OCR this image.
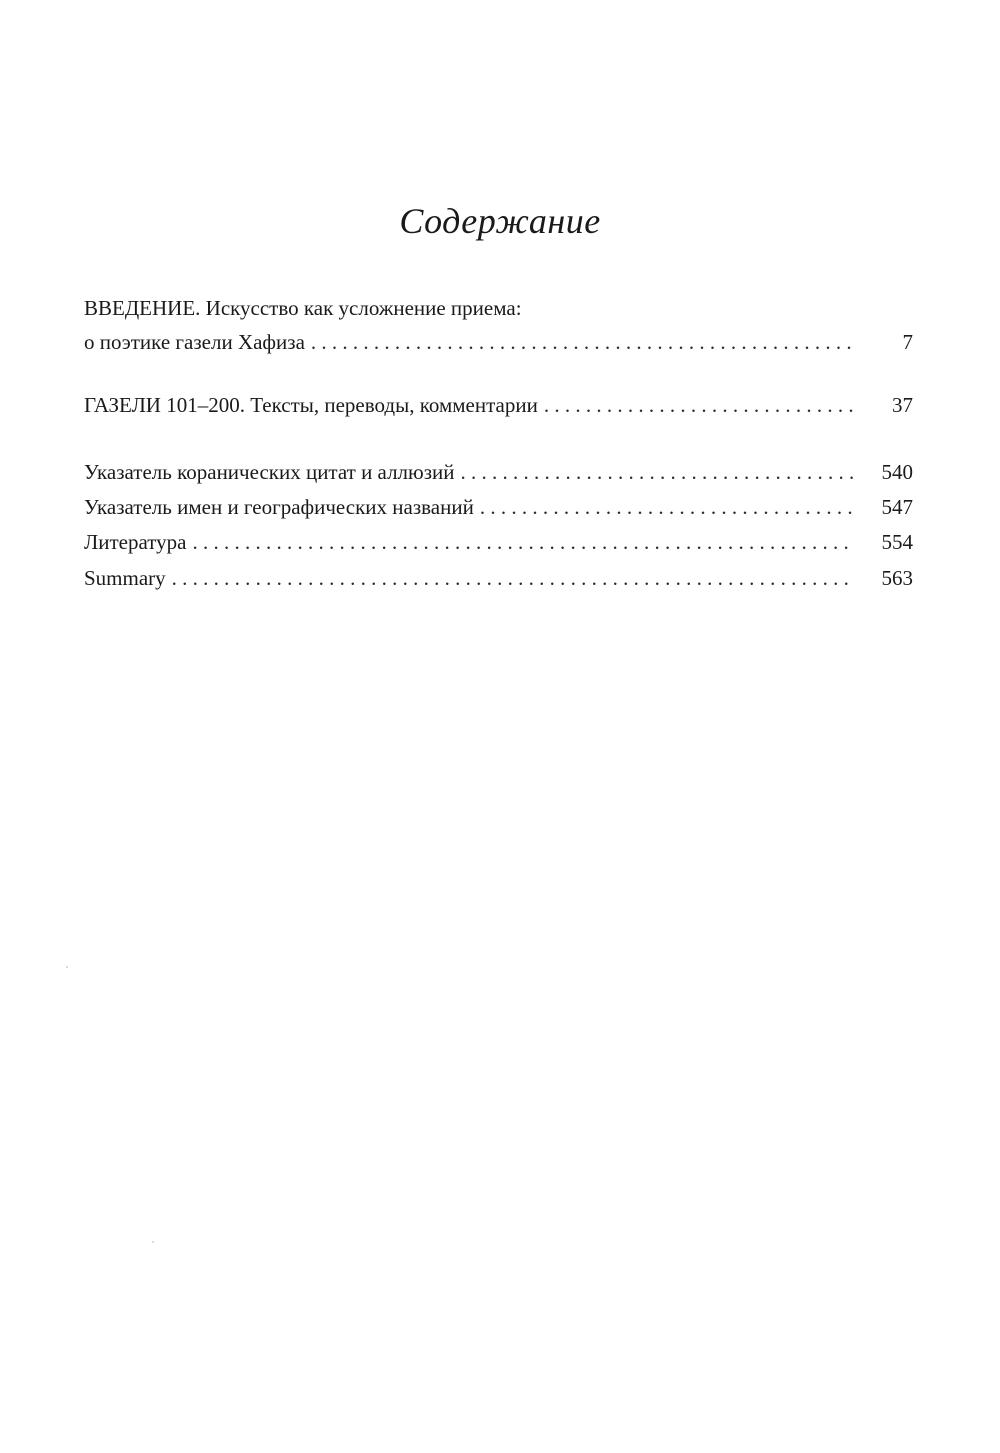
Содержание
ВВЕДЕНИЕ. Искусство как усложнение приема:
о поэтике газели Хафиза . . .	7
ГАЗЕЛИ 101–200. Тексты, переводы, комментарии . . .	37
Указатель коранических цитат и аллюзий . . .	540
Указатель имен и географических названий . . .	547
Литература . . .	554
Summary . . .	563
